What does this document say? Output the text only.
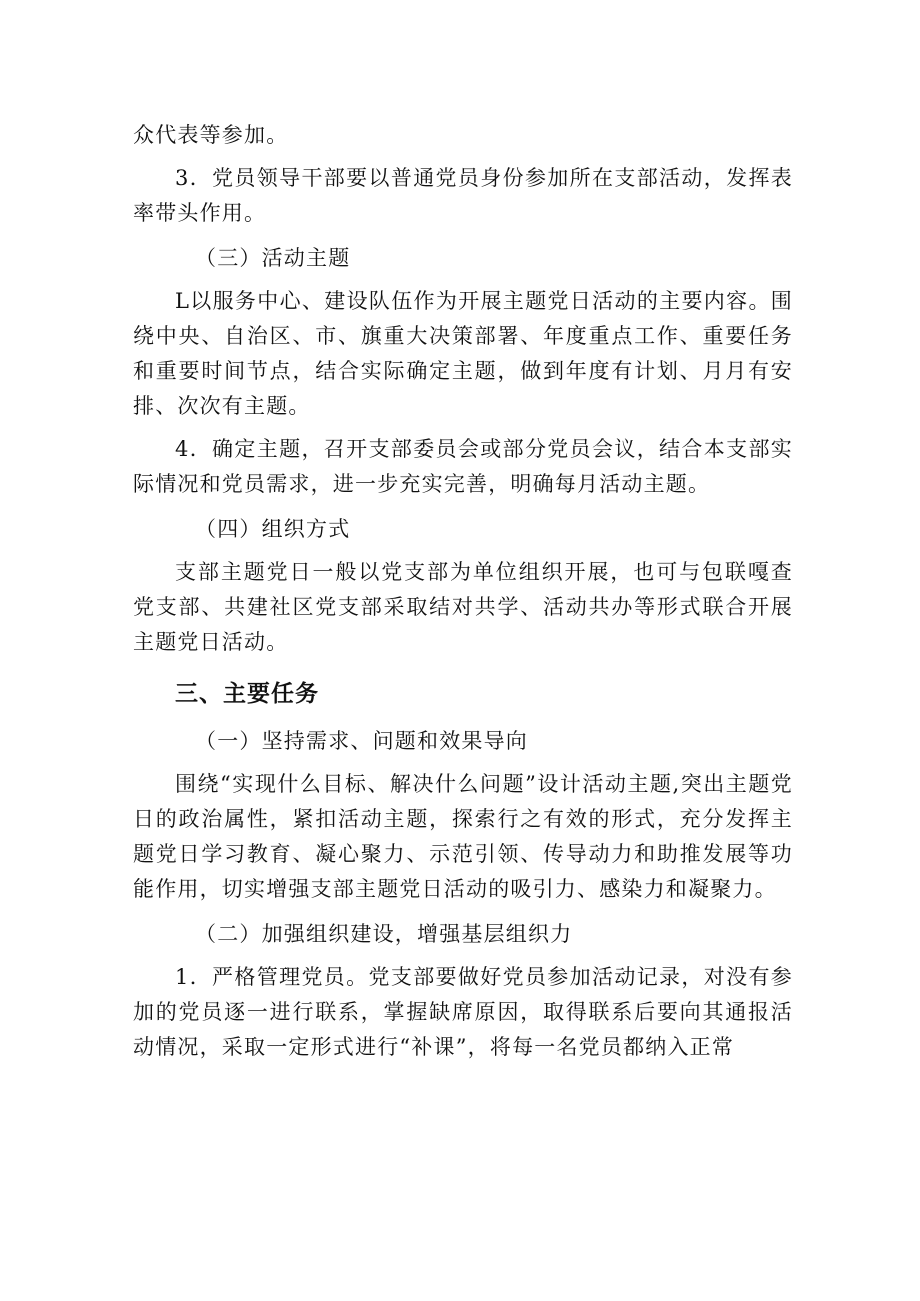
众代表等参加。

3．党员领导干部要以普通党员身份参加所在支部活动，发挥表率带头作用。

（三）活动主题

L以服务中心、建设队伍作为开展主题党日活动的主要内容。围绕中央、自治区、市、旗重大决策部署、年度重点工作、重要任务和重要时间节点，结合实际确定主题，做到年度有计划、月月有安排、次次有主题。

4．确定主题，召开支部委员会或部分党员会议，结合本支部实际情况和党员需求，进一步充实完善，明确每月活动主题。

（四）组织方式

支部主题党日一般以党支部为单位组织开展，也可与包联嘎查党支部、共建社区党支部采取结对共学、活动共办等形式联合开展主题党日活动。

三、主要任务

（一）坚持需求、问题和效果导向

围绕“实现什么目标、解决什么问题”设计活动主题,突出主题党日的政治属性，紧扣活动主题，探索行之有效的形式，充分发挥主题党日学习教育、凝心聚力、示范引领、传导动力和助推发展等功能作用，切实增强支部主题党日活动的吸引力、感染力和凝聚力。

（二）加强组织建设，增强基层组织力

1．严格管理党员。党支部要做好党员参加活动记录，对没有参加的党员逐一进行联系，掌握缺席原因，取得联系后要向其通报活动情况，采取一定形式进行“补课”，将每一名党员都纳入正常
